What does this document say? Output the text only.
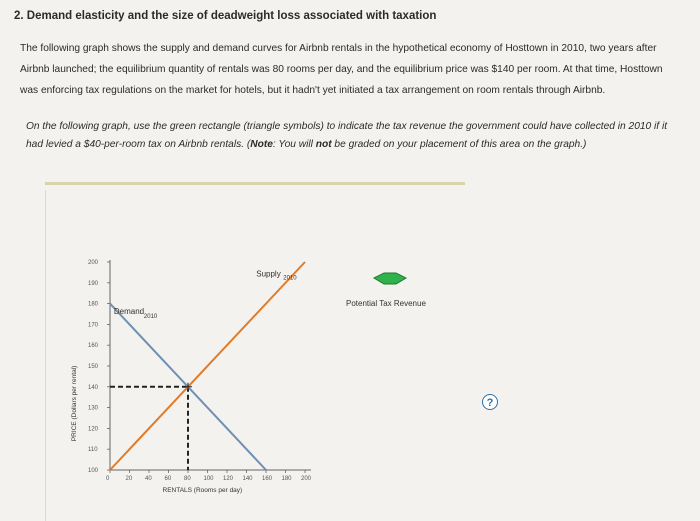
2. Demand elasticity and the size of deadweight loss associated with taxation
The following graph shows the supply and demand curves for Airbnb rentals in the hypothetical economy of Hosttown in 2010, two years after Airbnb launched; the equilibrium quantity of rentals was 80 rooms per day, and the equilibrium price was $140 per room. At that time, Hosttown was enforcing tax regulations on the market for hotels, but it hadn't yet initiated a tax arrangement on room rentals through Airbnb.
On the following graph, use the green rectangle (triangle symbols) to indicate the tax revenue the government could have collected in 2010 if it had levied a $40-per-room tax on Airbnb rentals. (Note: You will not be graded on your placement of this area on the graph.)
?
100
110
120
130
140
150
160
170
180
190
200
0	20 40 60 80 100 120 140 160 180 200
RENTALS (Rooms per day)
PRICE (Dollars per rental)
Demand
2010
Supply 2010
Potential Tax Revenue
